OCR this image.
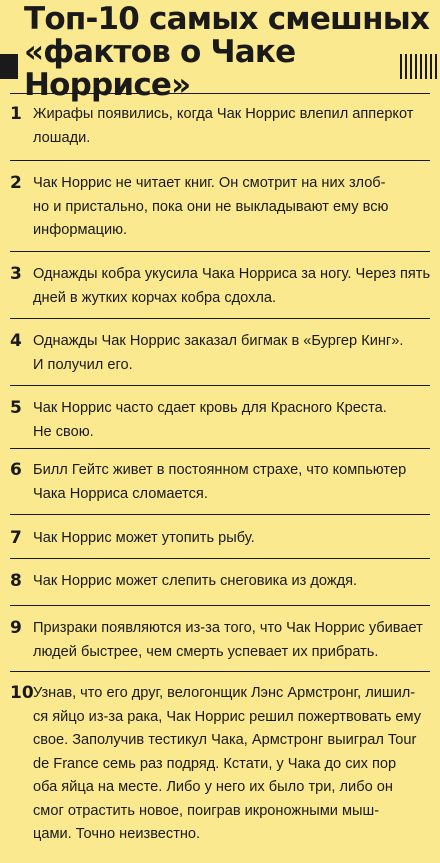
Топ-10 самых смешных
«фактов о Чаке Норрисе»
1 Жирафы появились, когда Чак Норрис влепил апперкот
лошади.
2 Чак Норрис не читает книг. Он смотрит на них злоб-
но и пристально, пока они не выкладывают ему всю
информацию.
3 Однажды кобра укусила Чака Норриса за ногу. Через пять
дней в жутких корчах кобра сдохла.
4 Однажды Чак Норрис заказал бигмак в «Бургер Кинг».
И получил его.
5 Чак Норрис часто сдает кровь для Красного Креста.
Не свою.
6 Билл Гейтс живет в постоянном страхе, что компьютер
Чака Норриса сломается.
7 Чак Норрис может утопить рыбу.
8 Чак Норрис может слепить снеговика из дождя.
9 Призраки появляются из-за того, что Чак Норрис убивает
людей быстрее, чем смерть успевает их прибрать.
10 Узнав, что его друг, велогонщик Лэнс Армстронг, лишил-
ся яйцо из-за рака, Чак Норрис решил пожертвовать ему
свое. Заполучив тестикул Чака, Армстронг выиграл Tour
de France семь раз подряд. Кстати, у Чака до сих пор
оба яйца на месте. Либо у него их было три, либо он
смог отрастить новое, поиграв икроножными мыш-
цами. Точно неизвестно.
